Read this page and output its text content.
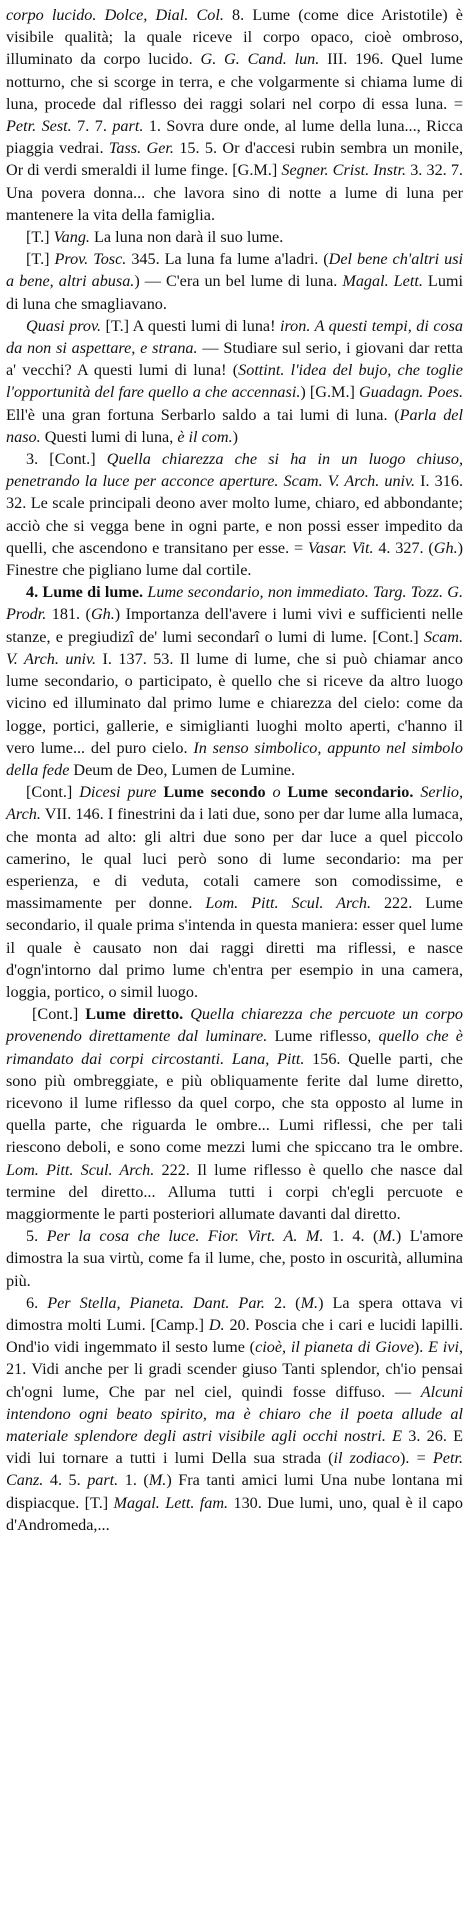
corpo lucido. Dolce, Dial. Col. 8. Lume (come dice Aristotile) è visibile qualità; la quale riceve il corpo opaco, cioè ombroso, illuminato da corpo lucido. G. G. Cand. lun. III. 196. Quel lume notturno, che si scorge in terra, e che volgarmente si chiama lume di luna, procede dal riflesso dei raggi solari nel corpo di essa luna. = Petr. Sest. 7. 7. part. 1. Sovra dure onde, al lume della luna..., Ricca piaggia vedrai. Tass. Ger. 15. 5. Or d'accesi rubin sembra un monile, Or di verdi smeraldi il lume finge. [G.M.] Segner. Crist. Instr. 3. 32. 7. Una povera donna... che lavora sino di notte a lume di luna per mantenere la vita della famiglia.

[T.] Vang. La luna non darà il suo lume.

[T.] Prov. Tosc. 345. La luna fa lume a'ladri. (Del bene ch'altri usi a bene, altri abusa.) — C'era un bel lume di luna. Magal. Lett. Lumi di luna che smagliavano.

Quasi prov. [T.] A questi lumi di luna! iron. A questi tempi, di cosa da non si aspettare, e strana. — Studiare sul serio, i giovani dar retta a' vecchi? A questi lumi di luna! (Sottint. l'idea del bujo, che toglie l'opportunità del fare quello a che accennasi.) [G.M.] Guadagn. Poes. Ell'è una gran fortuna Serbarlo saldo a tai lumi di luna. (Parla del naso. Questi lumi di luna, è il com.)

3. [Cont.] Quella chiarezza che si ha in un luogo chiuso, penetrando la luce per acconce aperture. Scam. V. Arch. univ. I. 316. 32. Le scale principali deono aver molto lume, chiaro, ed abbondante; acciò che si vegga bene in ogni parte, e non possi esser impedito da quelli, che ascendono e transitano per esse. = Vasar. Vit. 4. 327. (Gh.) Finestre che pigliano lume dal cortile.

4. Lume di lume. Lume secondario, non immediato. Targ. Tozz. G. Prodr. 181. (Gh.) Importanza dell'avere i lumi vivi e sufficienti nelle stanze, e pregiudizî de' lumi secondarî o lumi di lume. [Cont.] Scam. V. Arch. univ. I. 137. 53. Il lume di lume, che si può chiamar anco lume secondario, o participato, è quello che si riceve da altro luogo vicino ed illuminato dal primo lume e chiarezza del cielo: come da logge, portici, gallerie, e simiglianti luoghi molto aperti, c'hanno il vero lume... del puro cielo. In senso simbolico, appunto nel simbolo della fede Deum de Deo, Lumen de Lumine.

[Cont.] Dicesi pure Lume secondo o Lume secondario. Serlio, Arch. VII. 146. I finestrini da i lati due, sono per dar lume alla lumaca, che monta ad alto: gli altri due sono per dar luce a quel piccolo camerino, le qual luci però sono di lume secondario: ma per esperienza, e di veduta, cotali camere son comodissime, e massimamente per donne. Lom. Pitt. Scul. Arch. 222. Lume secondario, il quale prima s'intenda in questa maniera: esser quel lume il quale è causato non dai raggi diretti ma riflessi, e nasce d'ogn'intorno dal primo lume ch'entra per esempio in una camera, loggia, portico, o simil luogo.

[Cont.] Lume diretto. Quella chiarezza che percuote un corpo provenendo direttamente dal luminare. Lume riflesso, quello che è rimandato dai corpi circostanti. Lana, Pitt. 156. Quelle parti, che sono più ombreggiate, e più obliquamente ferite dal lume diretto, ricevono il lume riflesso da quel corpo, che sta opposto al lume in quella parte, che riguarda le ombre... Lumi riflessi, che per tali riescono deboli, e sono come mezzi lumi che spiccano tra le ombre. Lom. Pitt. Scul. Arch. 222. Il lume riflesso è quello che nasce dal termine del diretto... Alluma tutti i corpi ch'egli percuote e maggiormente le parti posteriori allumate davanti dal diretto.

5. Per la cosa che luce. Fior. Virt. A. M. 1. 4. (M.) L'amore dimostra la sua virtù, come fa il lume, che, posto in oscurità, allumina più.

6. Per Stella, Pianeta. Dant. Par. 2. (M.) La spera ottava vi dimostra molti Lumi. [Camp.] D. 20. Poscia che i cari e lucidi lapilli. Ond'io vidi ingemmato il sesto lume (cioè, il pianeta di Giove). E ivi, 21. Vidi anche per li gradi scender giuso Tanti splendor, ch'io pensai ch'ogni lume, Che par nel ciel, quindi fosse diffuso. — Alcuni intendono ogni beato spirito, ma è chiaro che il poeta allude al materiale splendore degli astri visibile agli occhi nostri. E 3. 26. E vidi lui tornare a tutti i lumi Della sua strada (il zodiaco). = Petr. Canz. 4. 5. part. 1. (M.) Fra tanti amici lumi Una nube lontana mi dispiacque. [T.] Magal. Lett. fam. 130. Due lumi, uno, qual è il capo d'Andromeda,...
